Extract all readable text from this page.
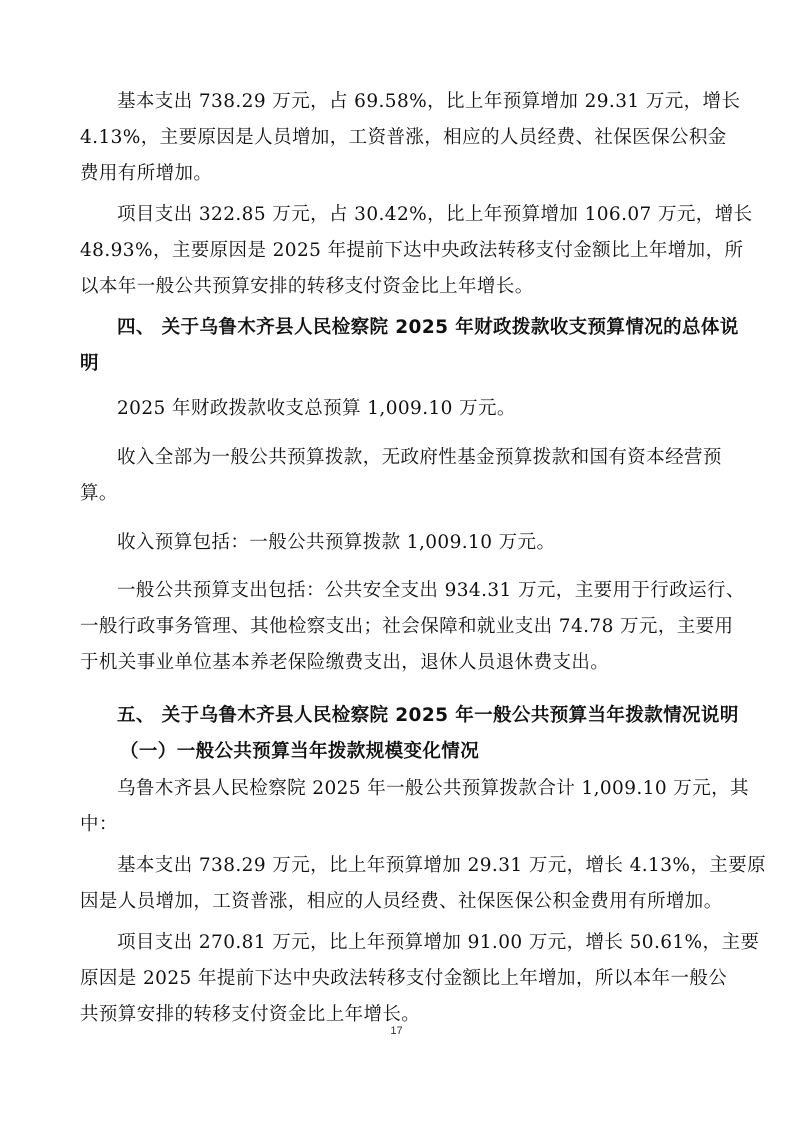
基本支出 738.29 万元，占 69.58%，比上年预算增加 29.31 万元，增长
4.13%，主要原因是人员增加，工资普涨，相应的人员经费、社保医保公积金
费用有所增加。
项目支出 322.85 万元，占 30.42%，比上年预算增加 106.07 万元，增长
48.93%，主要原因是 2025 年提前下达中央政法转移支付金额比上年增加，所
以本年一般公共预算安排的转移支付资金比上年增长。
四、 关于乌鲁木齐县人民检察院 2025 年财政拨款收支预算情况的总体说
明
2025 年财政拨款收支总预算 1,009.10 万元。
收入全部为一般公共预算拨款，无政府性基金预算拨款和国有资本经营预
算。
收入预算包括：一般公共预算拨款 1,009.10 万元。
一般公共预算支出包括：公共安全支出 934.31 万元，主要用于行政运行、
一般行政事务管理、其他检察支出；社会保障和就业支出 74.78 万元，主要用
于机关事业单位基本养老保险缴费支出，退休人员退休费支出。
五、 关于乌鲁木齐县人民检察院 2025 年一般公共预算当年拨款情况说明
（一）一般公共预算当年拨款规模变化情况
乌鲁木齐县人民检察院 2025 年一般公共预算拨款合计 1,009.10 万元，其
中：
基本支出 738.29 万元，比上年预算增加 29.31 万元，增长 4.13%，主要原
因是人员增加，工资普涨，相应的人员经费、社保医保公积金费用有所增加。
项目支出 270.81 万元，比上年预算增加 91.00 万元，增长 50.61%，主要
原因是 2025 年提前下达中央政法转移支付金额比上年增加，所以本年一般公
共预算安排的转移支付资金比上年增长。
17
